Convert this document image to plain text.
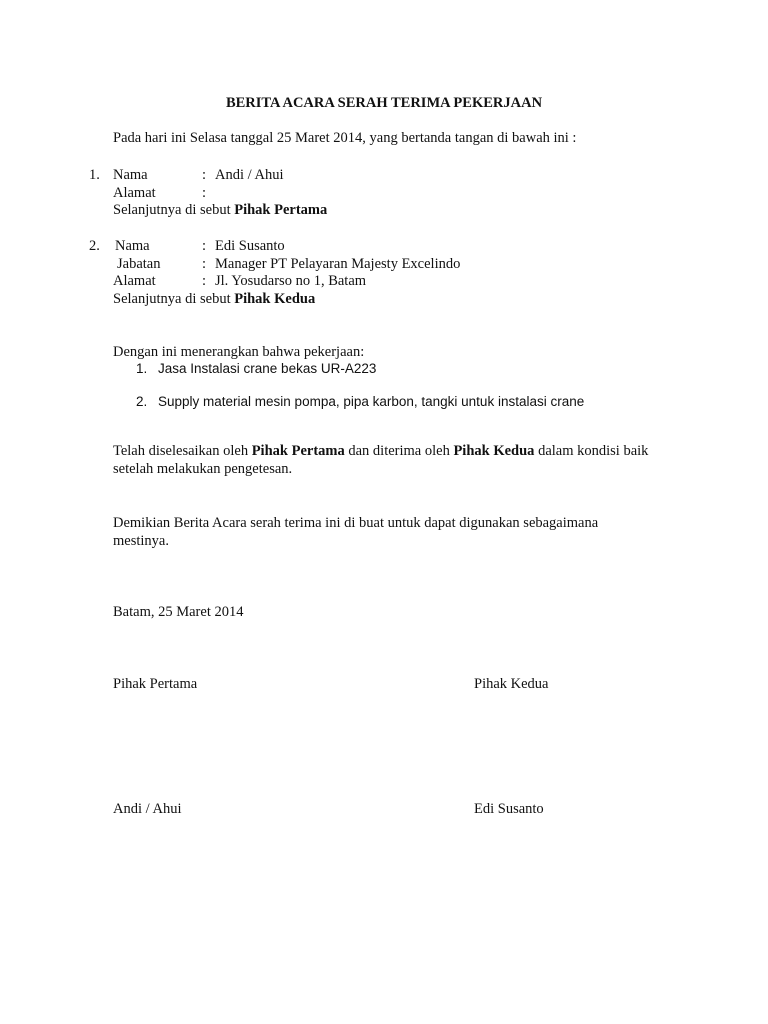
BERITA ACARA SERAH TERIMA PEKERJAAN
Pada hari ini Selasa tanggal 25 Maret 2014, yang bertanda tangan di bawah ini :
1. Nama	: Andi / Ahui
Alamat	:
Selanjutnya di sebut Pihak Pertama
2. Nama	: Edi Susanto
Jabatan	: Manager PT Pelayaran Majesty Excelindo
Alamat	: Jl. Yosudarso no 1, Batam
Selanjutnya di sebut Pihak Kedua
Dengan ini menerangkan bahwa pekerjaan:
1. Jasa Instalasi crane bekas UR-A223
2. Supply material mesin pompa, pipa karbon, tangki untuk instalasi crane
Telah diselesaikan oleh Pihak Pertama dan diterima oleh Pihak Kedua dalam kondisi baik setelah melakukan pengetesan.
Demikian Berita Acara serah terima ini di buat untuk dapat digunakan sebagaimana mestinya.
Batam, 25 Maret 2014
Pihak Pertama	Pihak Kedua
Andi / Ahui	Edi Susanto
